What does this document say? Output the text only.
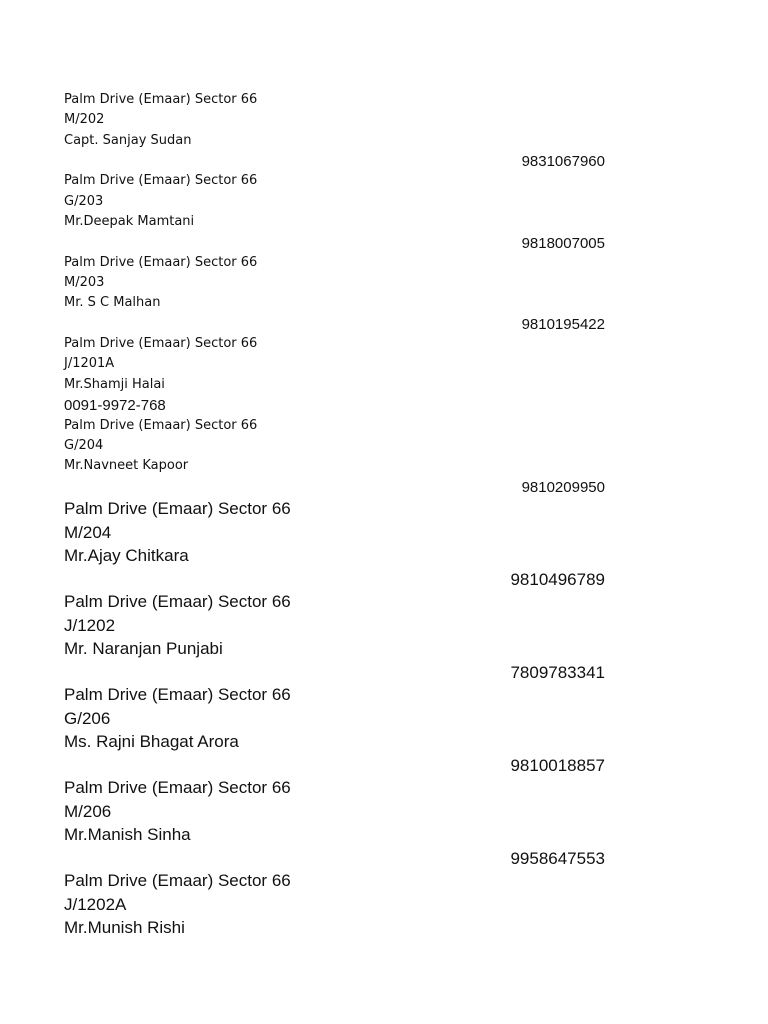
Palm Drive (Emaar) Sector 66
M/202
Capt. Sanjay Sudan
9831067960
Palm Drive (Emaar) Sector 66
G/203
Mr.Deepak Mamtani
9818007005
Palm Drive (Emaar) Sector 66
M/203
Mr. S C Malhan
9810195422
Palm Drive (Emaar) Sector 66
J/1201A
Mr.Shamji Halai
0091-9972-768
Palm Drive (Emaar) Sector 66
G/204
Mr.Navneet Kapoor
9810209950
Palm Drive (Emaar) Sector 66
M/204
Mr.Ajay Chitkara
9810496789
Palm Drive (Emaar) Sector 66
J/1202
Mr. Naranjan Punjabi
7809783341
Palm Drive (Emaar) Sector 66
G/206
Ms. Rajni Bhagat Arora
9810018857
Palm Drive (Emaar) Sector 66
M/206
Mr.Manish Sinha
9958647553
Palm Drive (Emaar) Sector 66
J/1202A
Mr.Munish Rishi
